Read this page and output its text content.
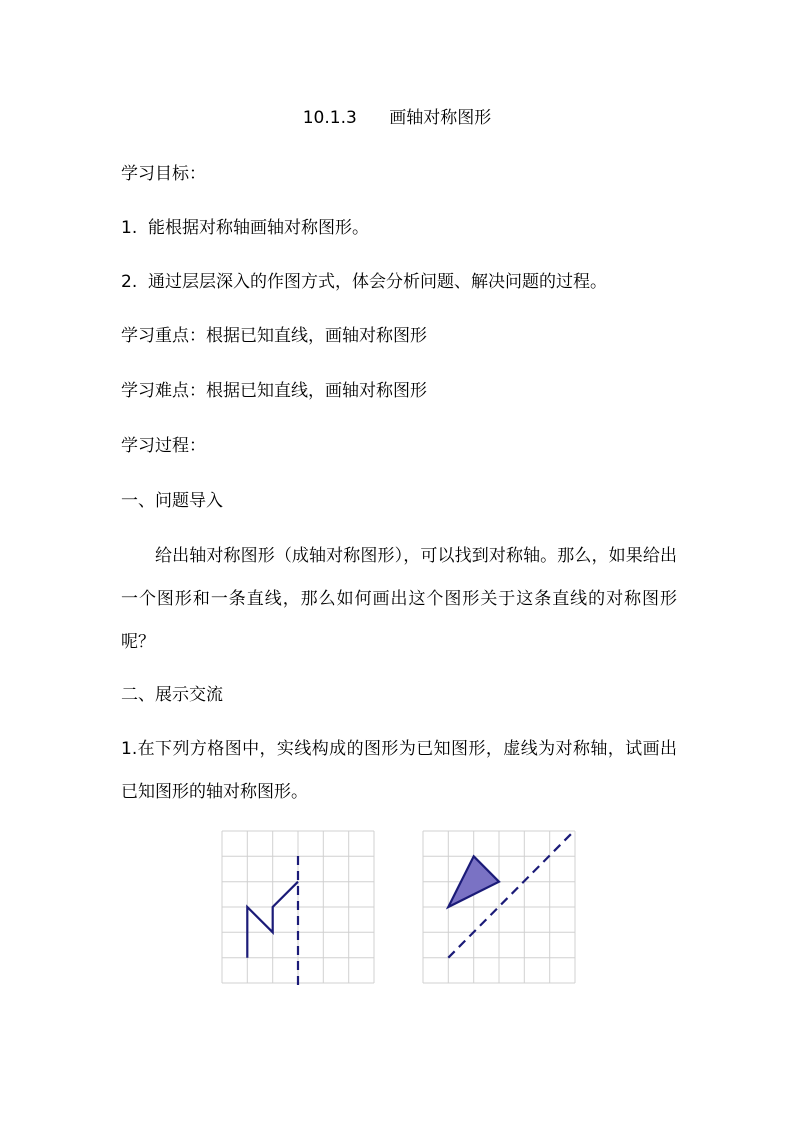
10.1.3 画轴对称图形
学习目标：
1. 能根据对称轴画轴对称图形。
2. 通过层层深入的作图方式，体会分析问题、解决问题的过程。
学习重点：根据已知直线，画轴对称图形
学习难点：根据已知直线，画轴对称图形
学习过程：
一、问题导入
给出轴对称图形（成轴对称图形），可以找到对称轴。那么，如果给出一个图形和一条直线，那么如何画出这个图形关于这条直线的对称图形呢？
二、展示交流
1.在下列方格图中，实线构成的图形为已知图形，虚线为对称轴，试画出已知图形的轴对称图形。
